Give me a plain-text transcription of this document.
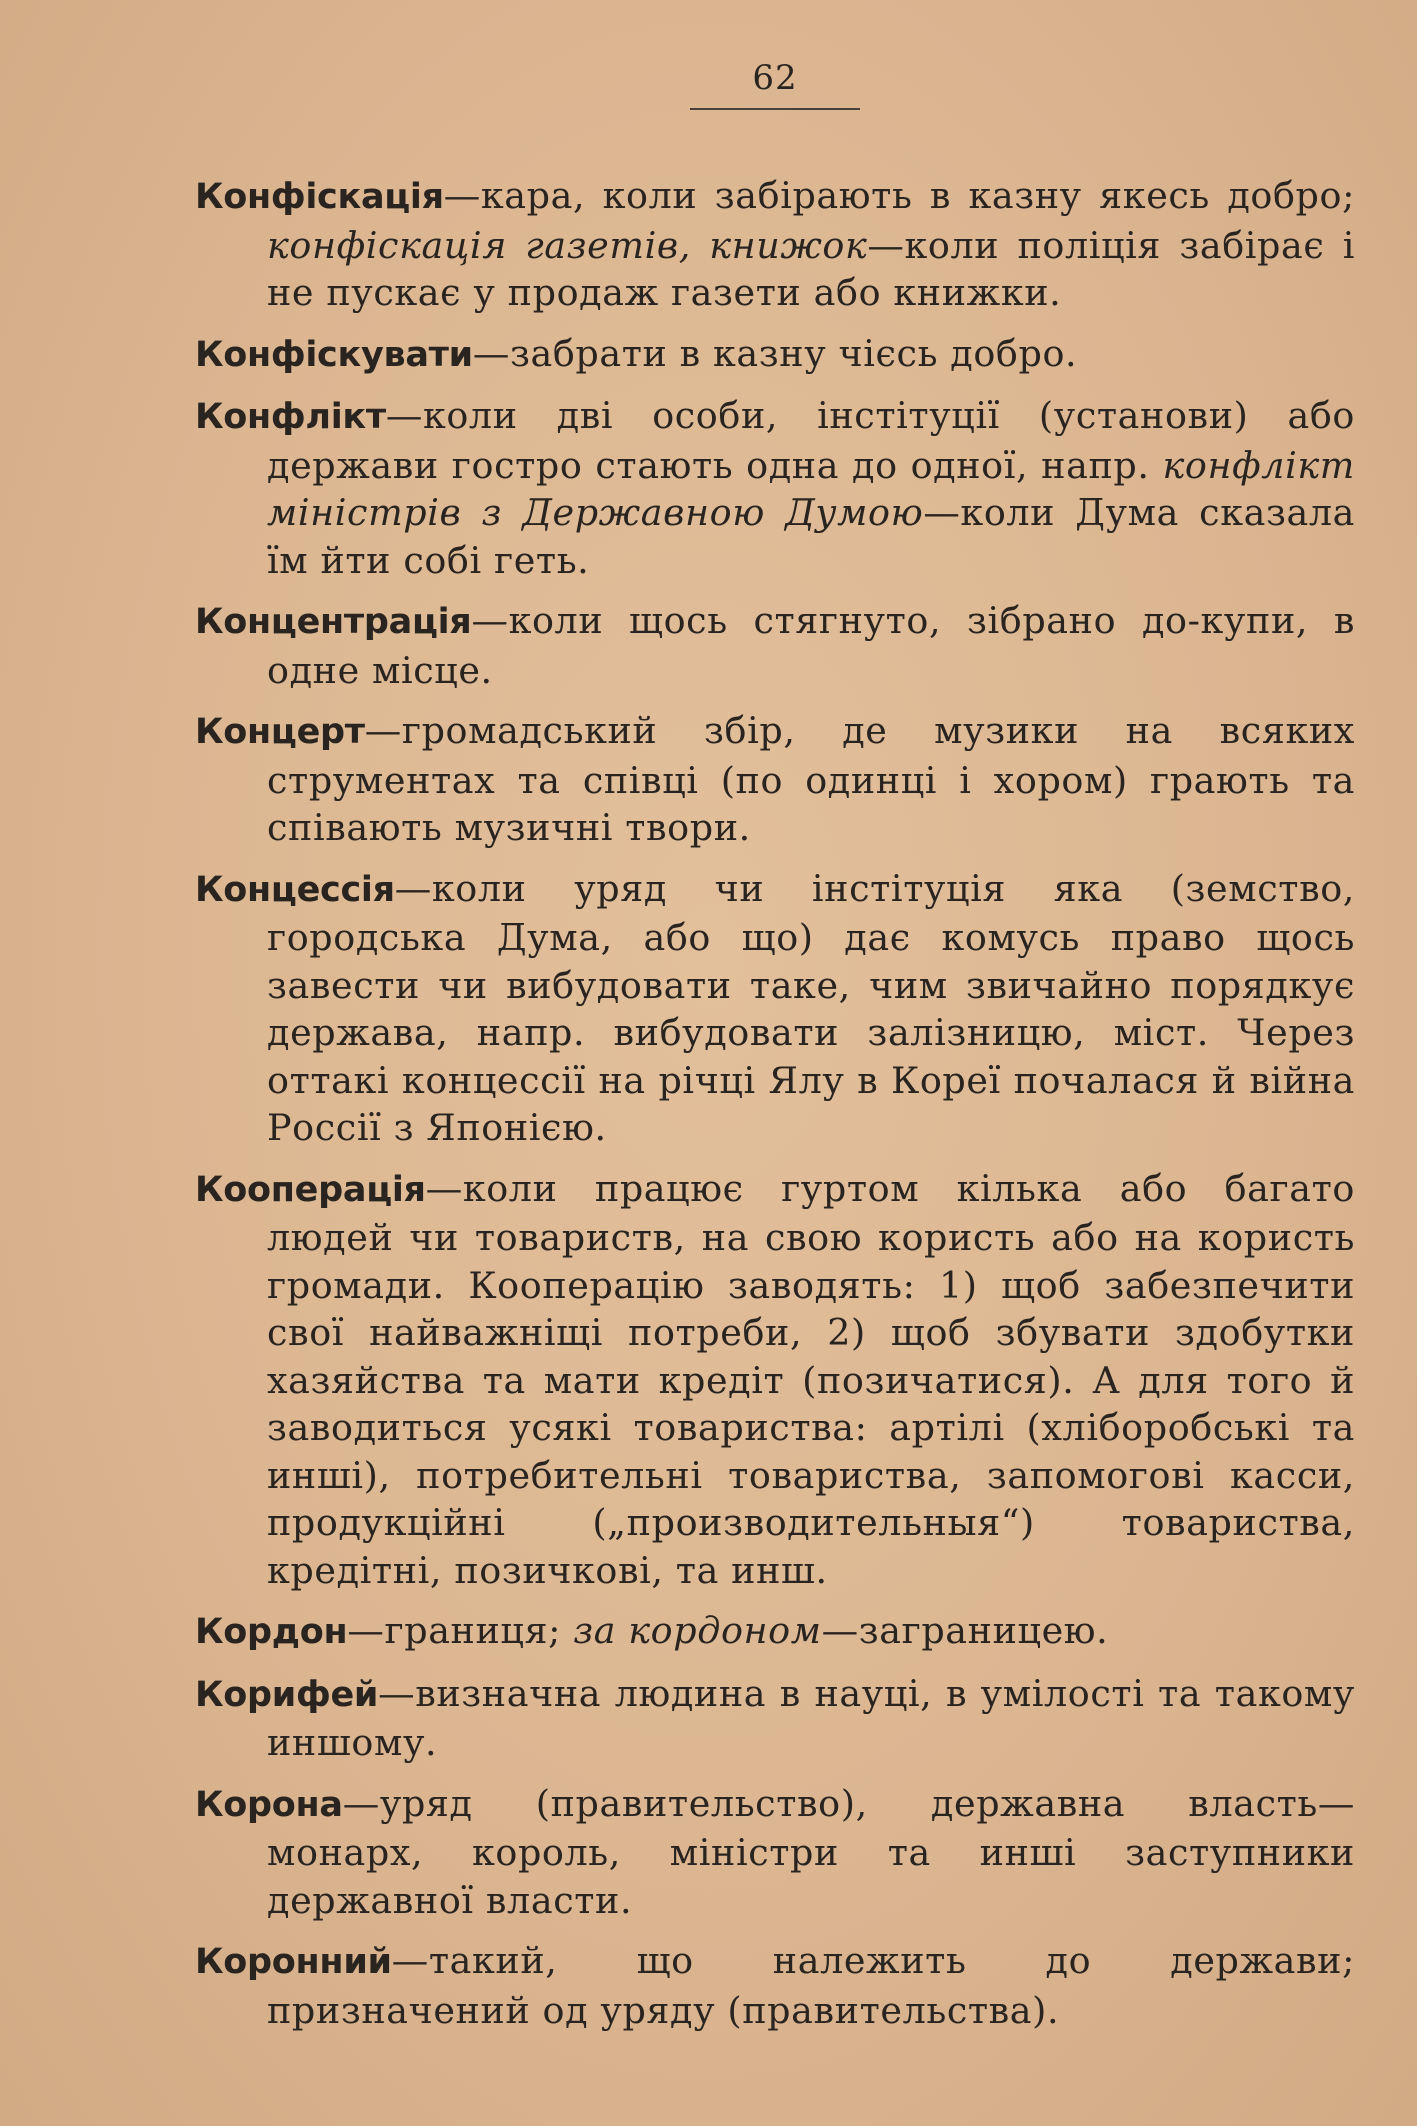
62

Конфіскація—кара, коли забірають в казну якесь добро; конфіскація газетів, книжок—коли поліція забірає і не пускає у продаж газети або книжки.

Конфіскувати—забрати в казну чієсь добро.

Конфлікт—коли дві особи, інстітуції (установи) або держави гостро стають одна до одної, напр. конфлікт міністрів з Державною Думою—коли Дума сказала їм йти собі геть.

Концентрація—коли щось стягнуто, зібрано до-купи, в одне місце.

Концерт—громадський збір, де музики на всяких струментах та співці (по одинці і хором) грають та співають музичні твори.

Концессія—коли уряд чи інстітуція яка (земство, городська Дума, або що) дає комусь право щось завести чи вибудовати таке, чим звичайно порядкує держава, напр. вибудовати залізницю, міст. Через оттакі концессії на річці Ялу в Кореї почалася й війна Россії з Японією.

Кооперація—коли працює гуртом кілька або багато людей чи товариств, на свою користь або на користь громади. Кооперацію заводять: 1) щоб забезпечити свої найважніщі потреби, 2) щоб збувати здобутки хазяйства та мати кредіт (позичатися). А для того й заводиться усякі товариства: артілі (хліборобські та инші), потребительні товариства, запомогові касси, продукційні („производительныя“) товариства, кредітні, позичкові, та инш.

Кордон—границя; за кордоном—заграницею.

Корифей—визначна людина в науці, в умілості та такому иншому.

Корона—уряд (правительство), державна власть—монарх, король, міністри та инші заступники державної власти.

Коронний—такий, що належить до держави; призначений од уряду (правительства).
